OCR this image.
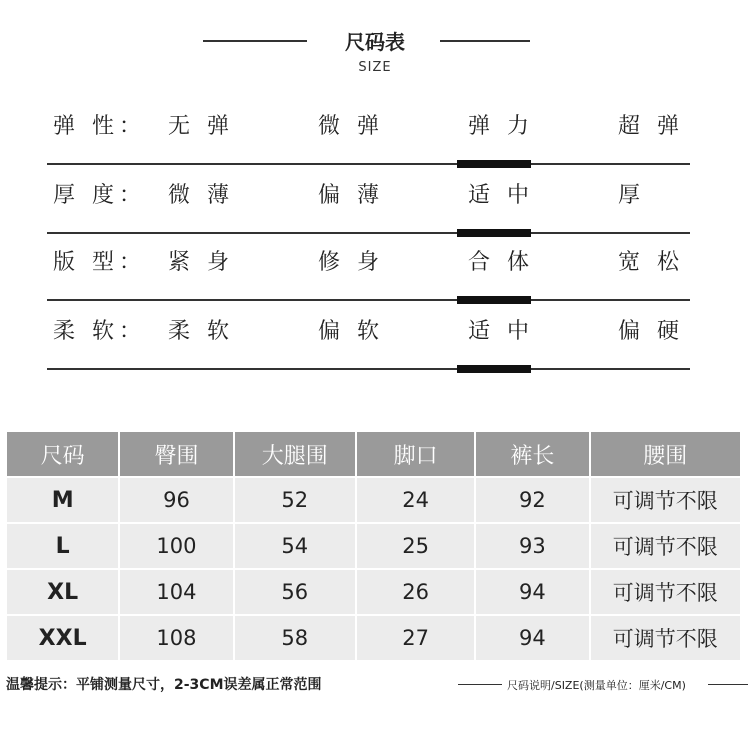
尺码表
SIZE
弹 性： 无 弹	微 弹	弹 力	超 弹
厚 度： 微 薄	偏 薄	适 中	厚
版 型： 紧 身	修 身	合 体	宽 松
柔 软： 柔 软	偏 软	适 中	偏 硬
尺码	臀围	大腿围	脚口	裤长	腰围
M	96	52	24	92	可调节不限
L	100	54	25	93	可调节不限
XL	104	56	26	94	可调节不限
XXL	108	58	27	94	可调节不限
温馨提示：平铺测量尺寸，2-3CM误差属正常范围	尺码说明/SIZE(测量单位：厘米/CM)
